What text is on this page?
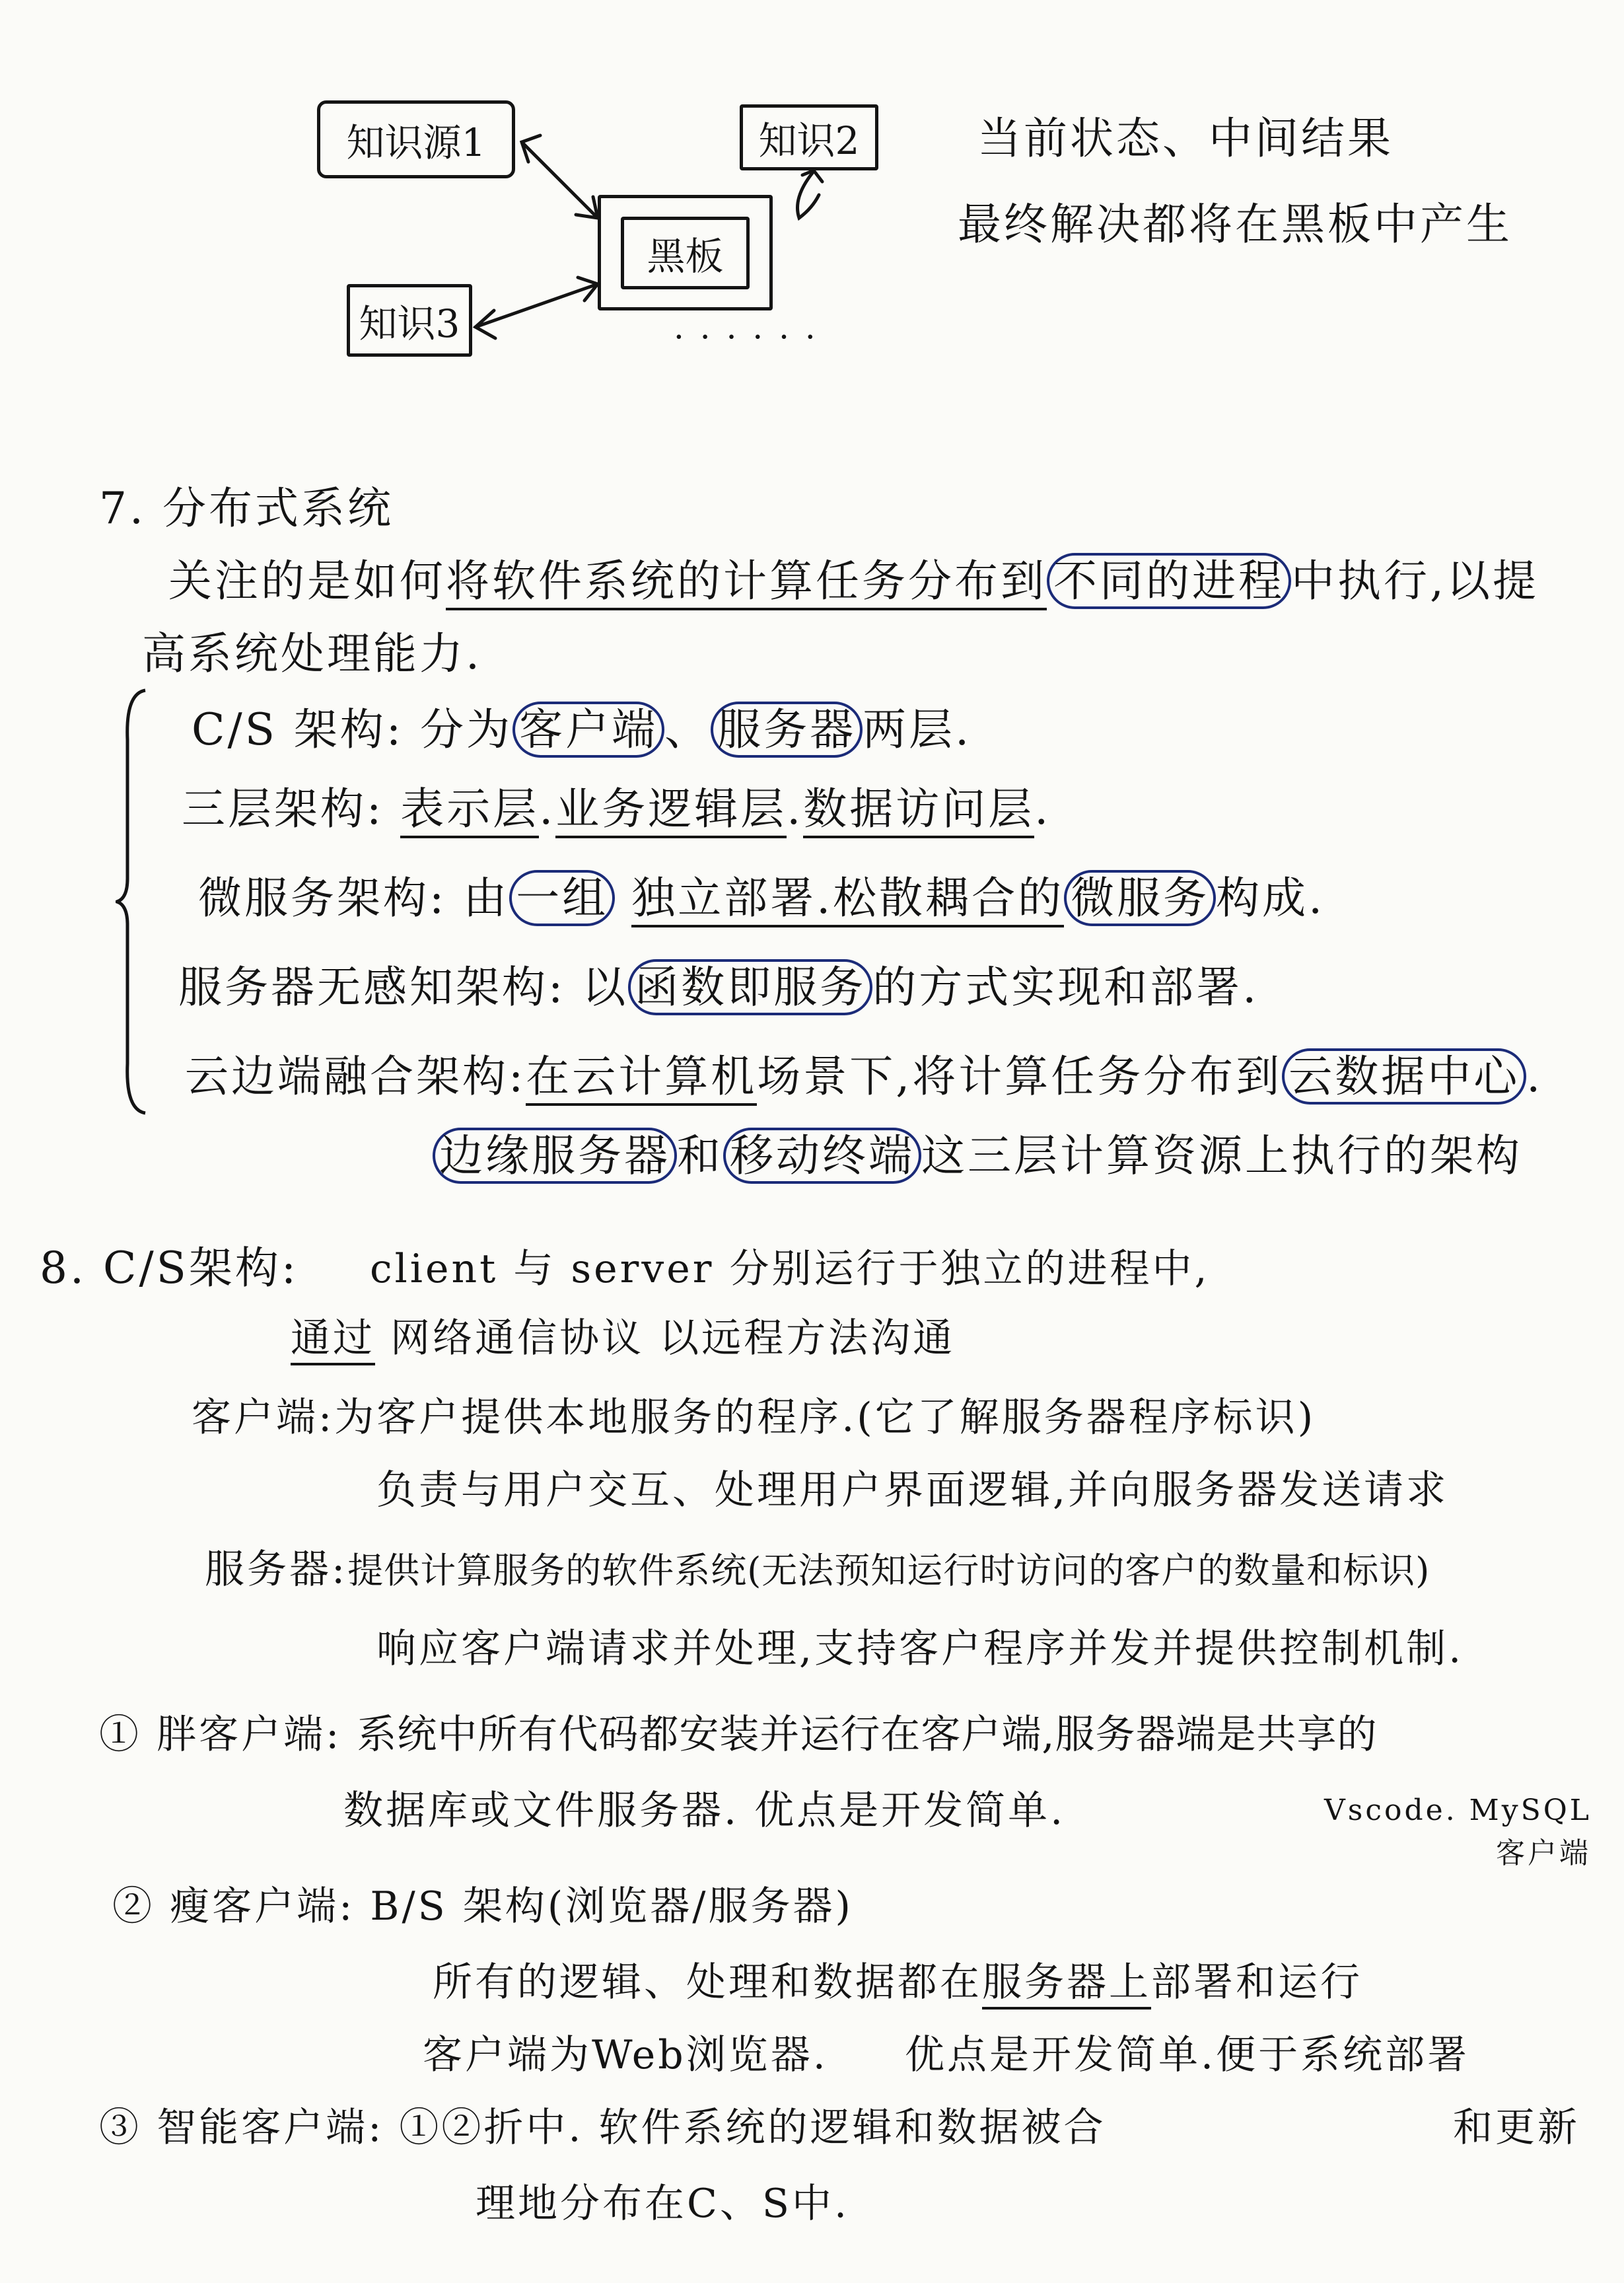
知识源1	知识2
知识3
黑板
· · · · · ·
当前状态、中间结果
最终解决都将在黑板中产生
7. 分布式系统
关注的是如何将软件系统的计算任务分布到 不同的进程 中执行,以提
高系统处理能力.
C/S 架构: 分为 客户端 、 服务器 两层.
三层架构: 表示层.业务逻辑层.数据访问层.
微服务架构: 由 一组 独立部署.松散耦合的 微服务 构成.
服务器无感知架构: 以 函数即服务 的方式实现和部署.
云边端融合架构:在云计算机场景下,将计算任务分布到 云数据中心 .
边缘服务器 和 移动终端 这三层计算资源上执行的架构
8. C/S架构: client 与 server 分别运行于独立的进程中,
通过 网络通信协议 以远程方法沟通
客户端:为客户提供本地服务的程序.(它了解服务器程序标识)
负责与用户交互、处理用户界面逻辑,并向服务器发送请求
服务器:提供计算服务的软件系统(无法预知运行时访问的客户的数量和标识)
响应客户端请求并处理,支持客户程序并发并提供控制机制.
① 胖客户端: 系统中所有代码都安装并运行在客户端,服务器端是共享的
数据库或文件服务器. 优点是开发简单.	Vscode. MySQL
客户端
② 瘦客户端: B/S 架构(浏览器/服务器)
所有的逻辑、处理和数据都在服务器上部署和运行
客户端为Web浏览器. 优点是开发简单.便于系统部署
③ 智能客户端: ①②折中. 软件系统的逻辑和数据被合	和更新
理地分布在C、S中.
